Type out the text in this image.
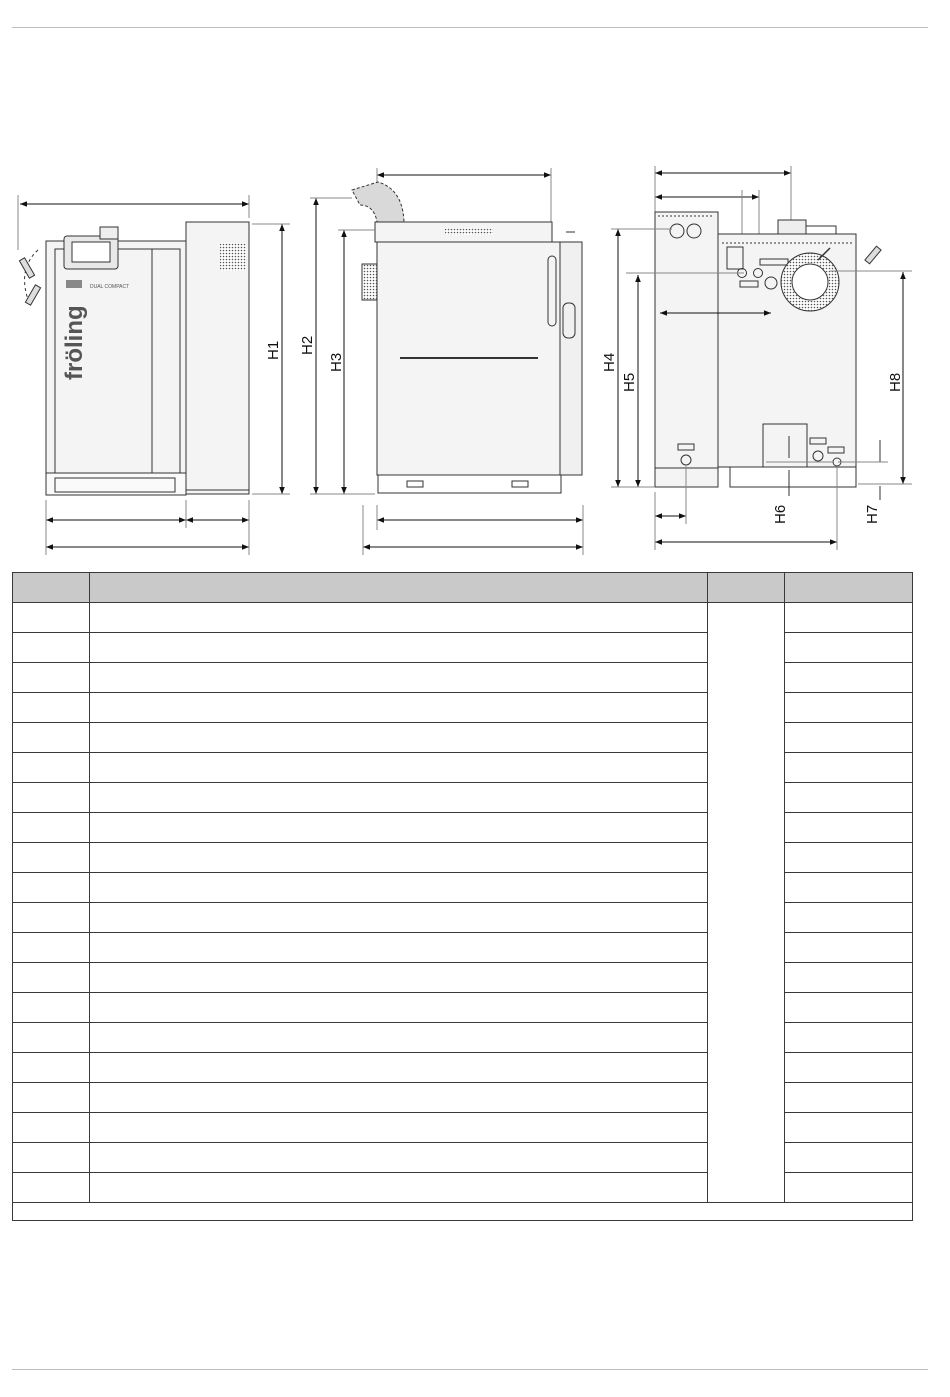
fröling
DUAL COMPACT
H1 H2
H3	H4
H5
H6	H7
H8
